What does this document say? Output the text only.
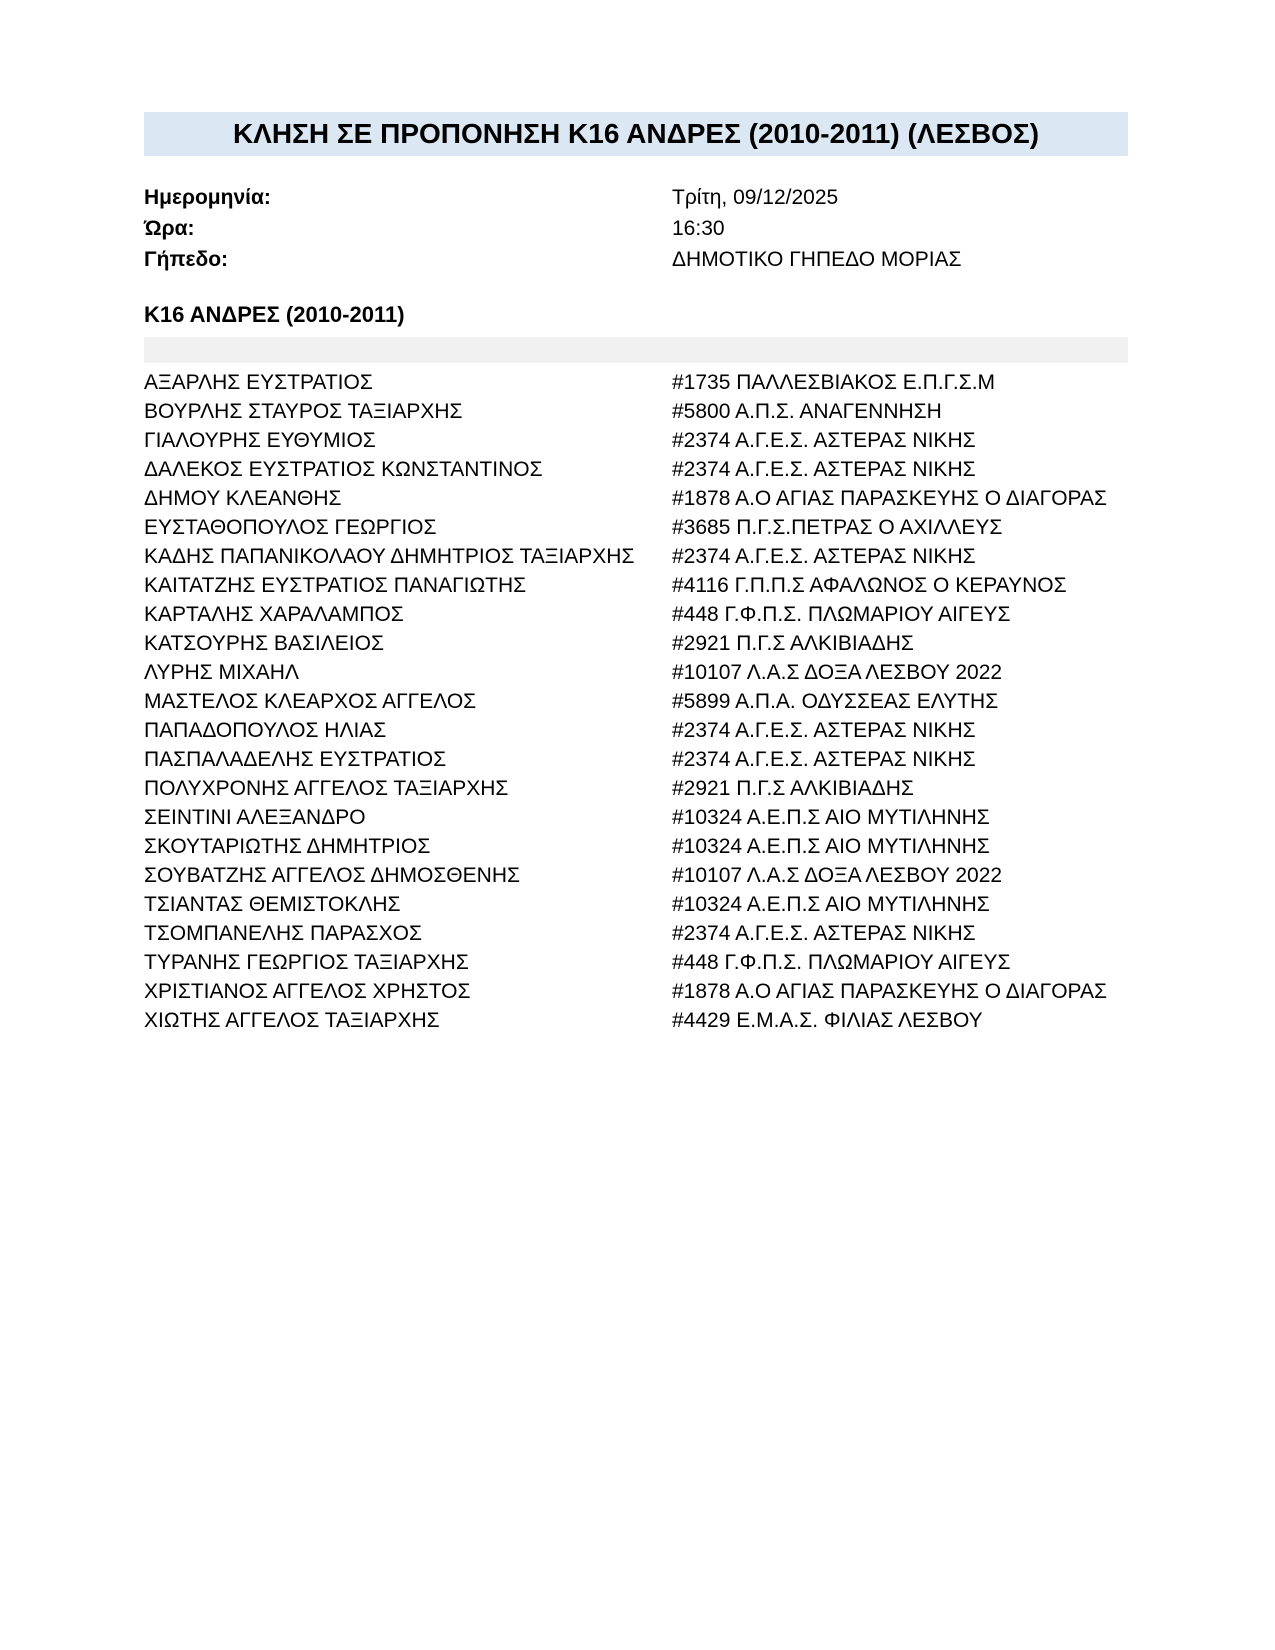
ΚΛΗΣΗ ΣΕ ΠΡΟΠΟΝΗΣΗ Κ16 ΑΝΔΡΕΣ (2010-2011) (ΛΕΣΒΟΣ)
Ημερομηνία:	Τρίτη, 09/12/2025
Ώρα:	16:30
Γήπεδο:	ΔΗΜΟΤΙΚΟ ΓΗΠΕΔΟ ΜΟΡΙΑΣ
Κ16 ΑΝΔΡΕΣ (2010-2011)
ΑΞΑΡΛΗΣ ΕΥΣΤΡΑΤΙΟΣ	#1735 ΠΑΛΛΕΣΒΙΑΚΟΣ Ε.Π.Γ.Σ.Μ
ΒΟΥΡΛΗΣ ΣΤΑΥΡΟΣ ΤΑΞΙΑΡΧΗΣ	#5800 Α.Π.Σ. ΑΝΑΓΕΝΝΗΣΗ
ΓΙΑΛΟΥΡΗΣ ΕΥΘΥΜΙΟΣ	#2374 Α.Γ.Ε.Σ. ΑΣΤΕΡΑΣ ΝΙΚΗΣ
ΔΑΛΕΚΟΣ ΕΥΣΤΡΑΤΙΟΣ ΚΩΝΣΤΑΝΤΙΝΟΣ	#2374 Α.Γ.Ε.Σ. ΑΣΤΕΡΑΣ ΝΙΚΗΣ
ΔΗΜΟΥ ΚΛΕΑΝΘΗΣ	#1878 Α.Ο ΑΓΙΑΣ ΠΑΡΑΣΚΕΥΗΣ Ο ΔΙΑΓΟΡΑΣ
ΕΥΣΤΑΘΟΠΟΥΛΟΣ ΓΕΩΡΓΙΟΣ	#3685 Π.Γ.Σ.ΠΕΤΡΑΣ Ο ΑΧΙΛΛΕΥΣ
ΚΑΔΗΣ ΠΑΠΑΝΙΚΟΛΑΟΥ ΔΗΜΗΤΡΙΟΣ ΤΑΞΙΑΡΧΗΣ	#2374 Α.Γ.Ε.Σ. ΑΣΤΕΡΑΣ ΝΙΚΗΣ
ΚΑΙΤΑΤΖΗΣ ΕΥΣΤΡΑΤΙΟΣ ΠΑΝΑΓΙΩΤΗΣ	#4116 Γ.Π.Π.Σ ΑΦΑΛΩΝΟΣ Ο ΚΕΡΑΥΝΟΣ
ΚΑΡΤΑΛΗΣ ΧΑΡΑΛΑΜΠΟΣ	#448 Γ.Φ.Π.Σ. ΠΛΩΜΑΡΙΟΥ ΑΙΓΕΥΣ
ΚΑΤΣΟΥΡΗΣ ΒΑΣΙΛΕΙΟΣ	#2921 Π.Γ.Σ ΑΛΚΙΒΙΑΔΗΣ
ΛΥΡΗΣ ΜΙΧΑΗΛ	#10107 Λ.Α.Σ ΔΟΞΑ ΛΕΣΒΟΥ 2022
ΜΑΣΤΕΛΟΣ ΚΛΕΑΡΧΟΣ ΑΓΓΕΛΟΣ	#5899 Α.Π.Α. ΟΔΥΣΣΕΑΣ ΕΛΥΤΗΣ
ΠΑΠΑΔΟΠΟΥΛΟΣ ΗΛΙΑΣ	#2374 Α.Γ.Ε.Σ. ΑΣΤΕΡΑΣ ΝΙΚΗΣ
ΠΑΣΠΑΛΑΔΕΛΗΣ ΕΥΣΤΡΑΤΙΟΣ	#2374 Α.Γ.Ε.Σ. ΑΣΤΕΡΑΣ ΝΙΚΗΣ
ΠΟΛΥΧΡΟΝΗΣ ΑΓΓΕΛΟΣ ΤΑΞΙΑΡΧΗΣ	#2921 Π.Γ.Σ ΑΛΚΙΒΙΑΔΗΣ
ΣΕΙΝΤΙΝΙ ΑΛΕΞΑΝΔΡΟ	#10324 Α.Ε.Π.Σ ΑΙΟ ΜΥΤΙΛΗΝΗΣ
ΣΚΟΥΤΑΡΙΩΤΗΣ ΔΗΜΗΤΡΙΟΣ	#10324 Α.Ε.Π.Σ ΑΙΟ ΜΥΤΙΛΗΝΗΣ
ΣΟΥΒΑΤΖΗΣ ΑΓΓΕΛΟΣ ΔΗΜΟΣΘΕΝΗΣ	#10107 Λ.Α.Σ ΔΟΞΑ ΛΕΣΒΟΥ 2022
ΤΣΙΑΝΤΑΣ ΘΕΜΙΣΤΟΚΛΗΣ	#10324 Α.Ε.Π.Σ ΑΙΟ ΜΥΤΙΛΗΝΗΣ
ΤΣΟΜΠΑΝΕΛΗΣ ΠΑΡΑΣΧΟΣ	#2374 Α.Γ.Ε.Σ. ΑΣΤΕΡΑΣ ΝΙΚΗΣ
ΤΥΡΑΝΗΣ ΓΕΩΡΓΙΟΣ ΤΑΞΙΑΡΧΗΣ	#448 Γ.Φ.Π.Σ. ΠΛΩΜΑΡΙΟΥ ΑΙΓΕΥΣ
ΧΡΙΣΤΙΑΝΟΣ ΑΓΓΕΛΟΣ ΧΡΗΣΤΟΣ	#1878 Α.Ο ΑΓΙΑΣ ΠΑΡΑΣΚΕΥΗΣ Ο ΔΙΑΓΟΡΑΣ
ΧΙΩΤΗΣ ΑΓΓΕΛΟΣ ΤΑΞΙΑΡΧΗΣ	#4429 Ε.Μ.Α.Σ. ΦΙΛΙΑΣ ΛΕΣΒΟΥ
